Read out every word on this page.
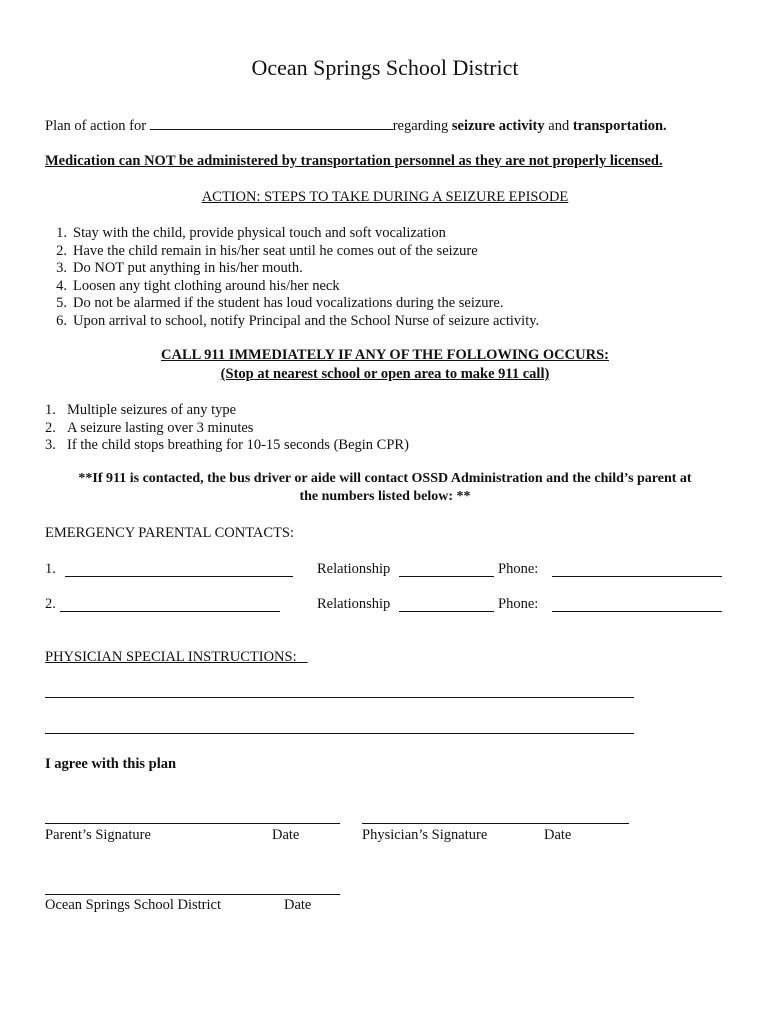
Ocean Springs School District
Plan of action for	regarding seizure activity and transportation.
Medication can NOT be administered by transportation personnel as they are not properly licensed.
ACTION: STEPS TO TAKE DURING A SEIZURE EPISODE
1. Stay with the child, provide physical touch and soft vocalization
2. Have the child remain in his/her seat until he comes out of the seizure
3. Do NOT put anything in his/her mouth.
4. Loosen any tight clothing around his/her neck
5. Do not be alarmed if the student has loud vocalizations during the seizure.
6. Upon arrival to school, notify Principal and the School Nurse of seizure activity.
CALL 911 IMMEDIATELY IF ANY OF THE FOLLOWING OCCURS:
(Stop at nearest school or open area to make 911 call)
1. Multiple seizures of any type
2. A seizure lasting over 3 minutes
3. If the child stops breathing for 10-15 seconds (Begin CPR)
**If 911 is contacted, the bus driver or aide will contact OSSD Administration and the child’s parent at
the numbers listed below: **
EMERGENCY PARENTAL CONTACTS:
1.	Relationship	Phone:
2.	Relationship	Phone:
PHYSICIAN SPECIAL INSTRUCTIONS:
I agree with this plan
Parent’s Signature	Date	Physician’s Signature	Date
Ocean Springs School District	Date
